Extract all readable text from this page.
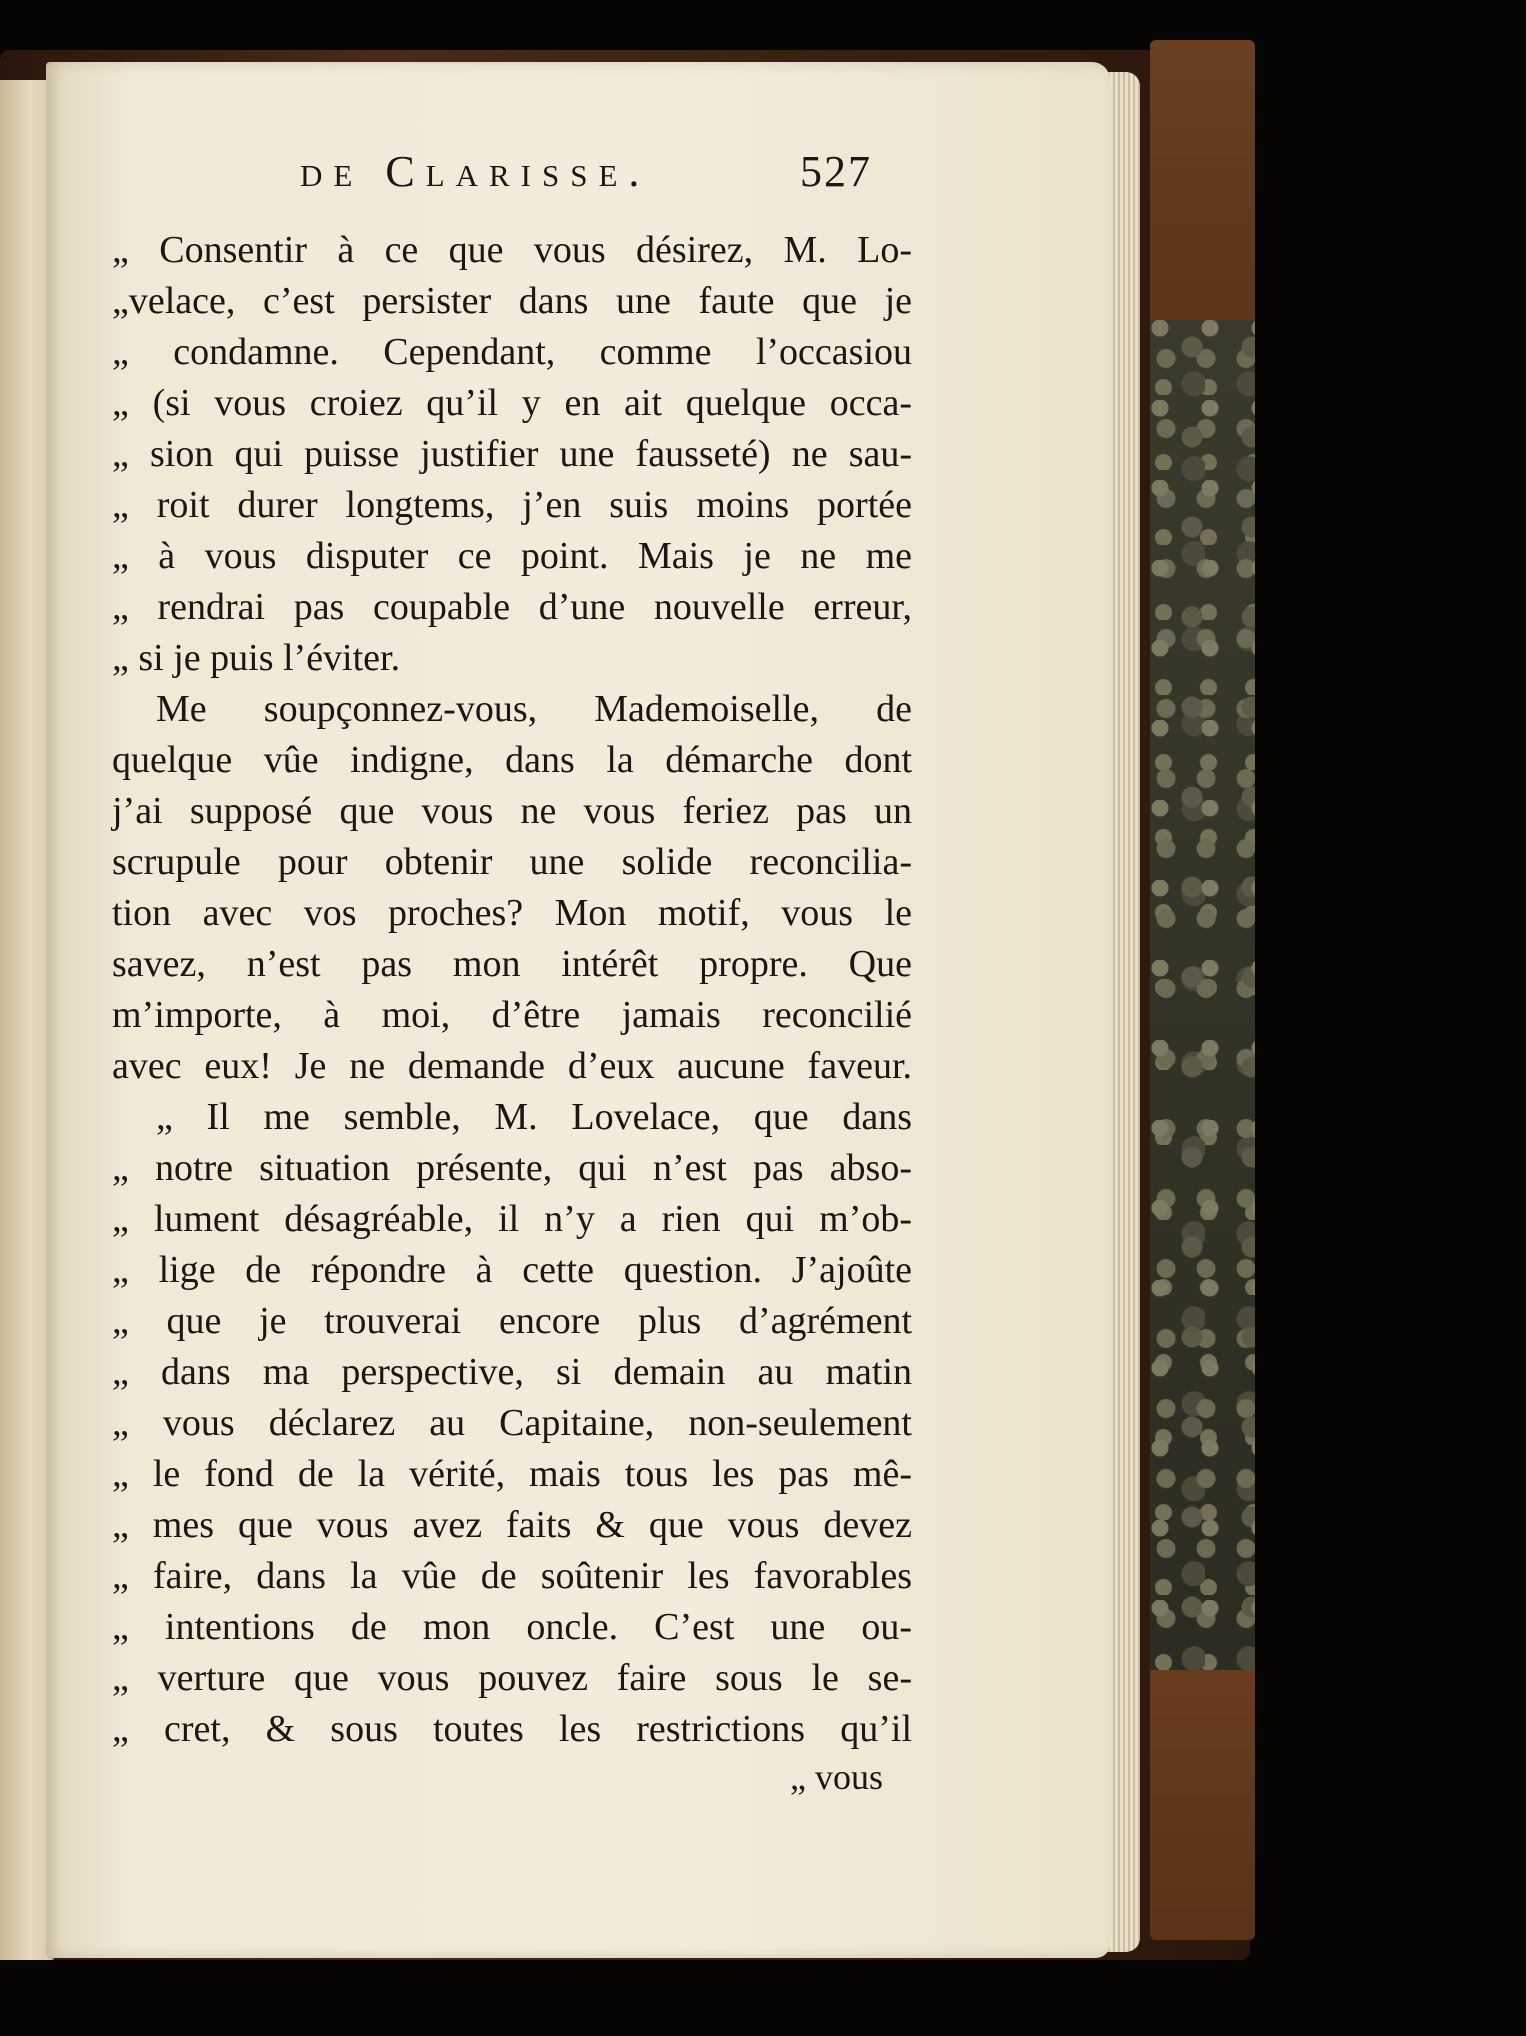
de Clarisse.	527
„ Consentir à ce que vous désirez, M. Lo-
„velace, c’est persister dans une faute que je
„ condamne. Cependant, comme l’occasiou
„ (si vous croiez qu’il y en ait quelque occa-
„ sion qui puisse justifier une fausseté) ne sau-
„ roit durer longtems, j’en suis moins portée
„ à vous disputer ce point. Mais je ne me
„ rendrai pas coupable d’une nouvelle erreur,
„ si je puis l’éviter.
Me soupçonnez-vous, Mademoiselle, de
quelque vûe indigne, dans la démarche dont
j’ai supposé que vous ne vous feriez pas un
scrupule pour obtenir une solide reconcilia-
tion avec vos proches? Mon motif, vous le
savez, n’est pas mon intérêt propre. Que
m’importe, à moi, d’être jamais reconcilié
avec eux! Je ne demande d’eux aucune faveur.
„ Il me semble, M. Lovelace, que dans
„ notre situation présente, qui n’est pas abso-
„ lument désagréable, il n’y a rien qui m’ob-
„ lige de répondre à cette question. J’ajoûte
„ que je trouverai encore plus d’agrément
„ dans ma perspective, si demain au matin
„ vous déclarez au Capitaine, non-seulement
„ le fond de la vérité, mais tous les pas mê-
„ mes que vous avez faits & que vous devez
„ faire, dans la vûe de soûtenir les favorables
„ intentions de mon oncle. C’est une ou-
„ verture que vous pouvez faire sous le se-
„ cret, & sous toutes les restrictions qu’il
„ vous
